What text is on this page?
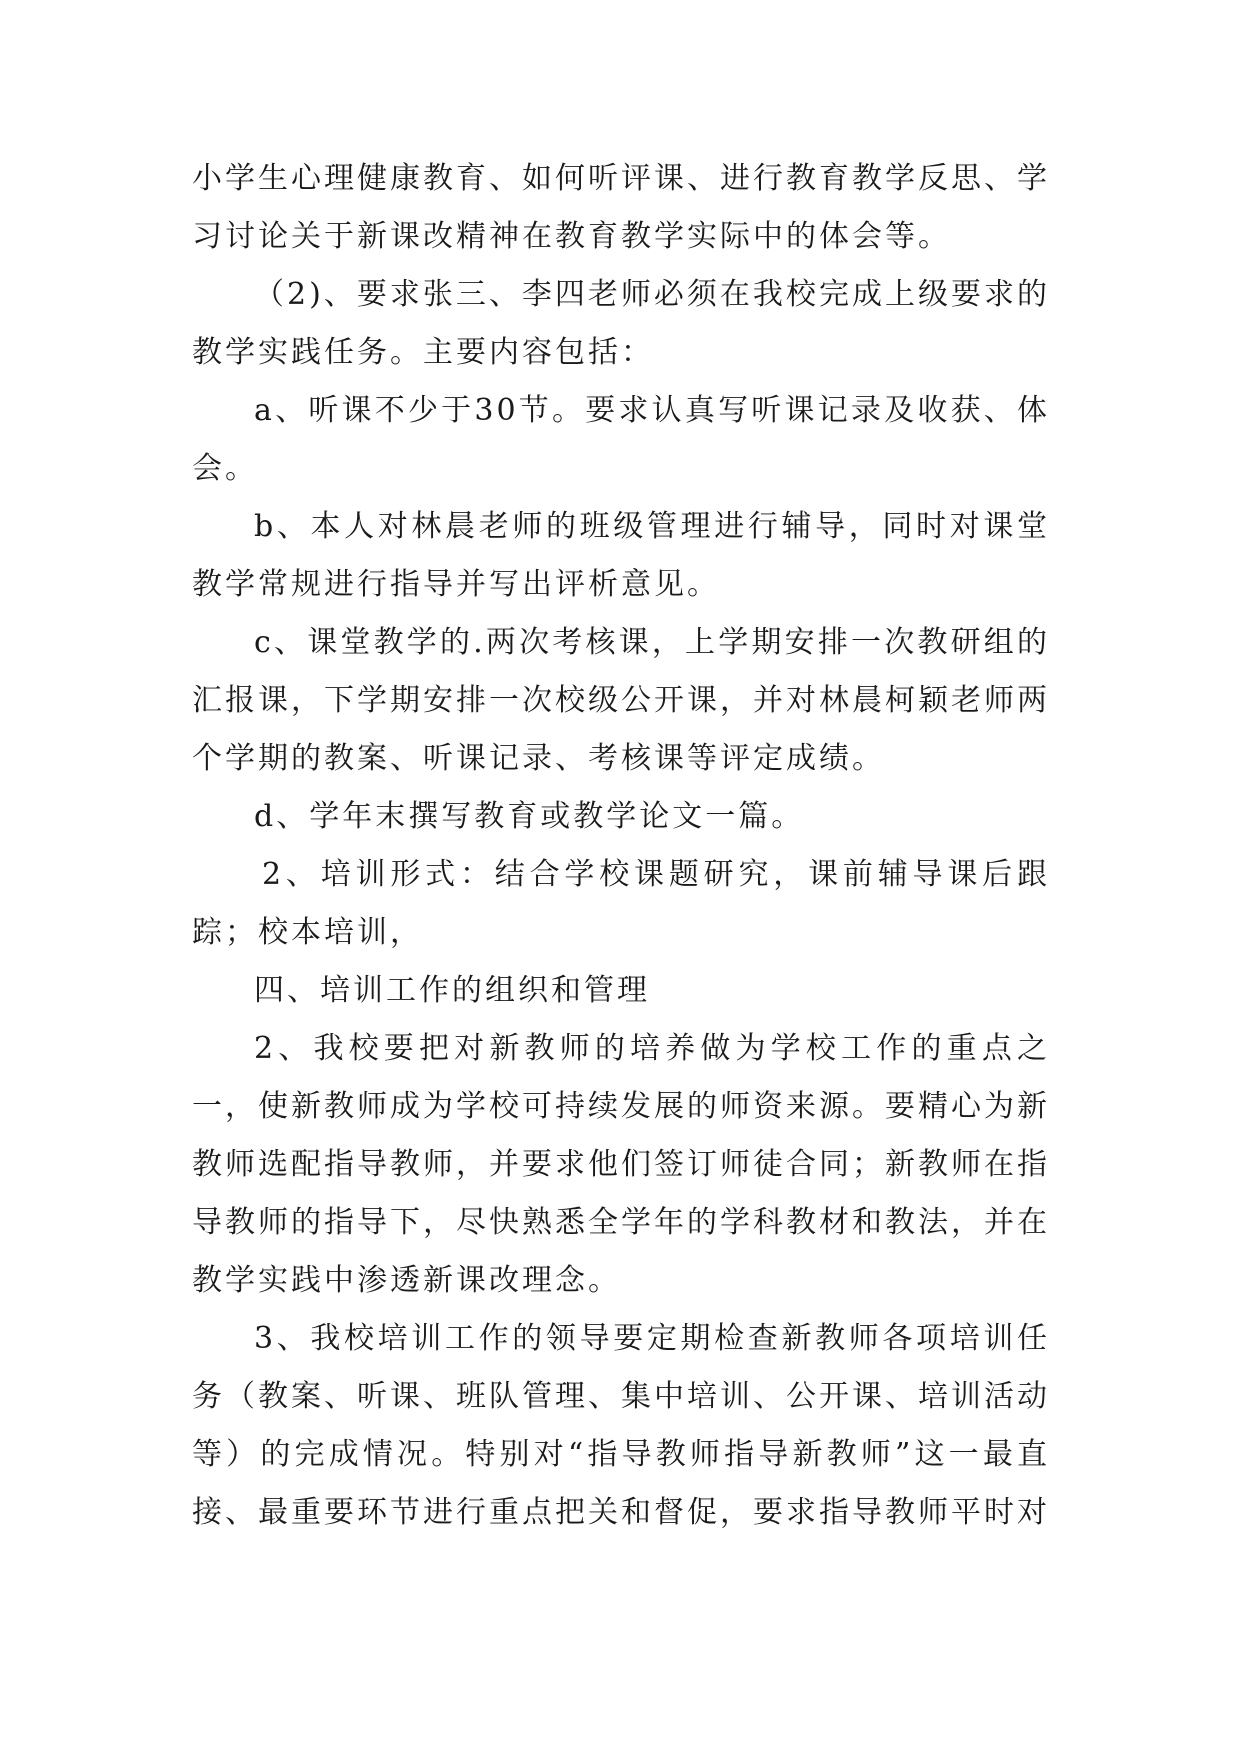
小学生心理健康教育、如何听评课、进行教育教学反思、学习讨论关于新课改精神在教育教学实际中的体会等。

（2)、要求张三、李四老师必须在我校完成上级要求的教学实践任务。主要内容包括：

a、听课不少于30节。要求认真写听课记录及收获、体会。

b、本人对林晨老师的班级管理进行辅导，同时对课堂教学常规进行指导并写出评析意见。

c、课堂教学的.两次考核课，上学期安排一次教研组的汇报课，下学期安排一次校级公开课，并对林晨柯颖老师两个学期的教案、听课记录、考核课等评定成绩。

d、学年末撰写教育或教学论文一篇。

2、培训形式：结合学校课题研究，课前辅导课后跟踪；校本培训，

四、培训工作的组织和管理

2、我校要把对新教师的培养做为学校工作的重点之一，使新教师成为学校可持续发展的师资来源。要精心为新教师选配指导教师，并要求他们签订师徒合同；新教师在指导教师的指导下，尽快熟悉全学年的学科教材和教法，并在教学实践中渗透新课改理念。

3、我校培训工作的领导要定期检查新教师各项培训任务（教案、听课、班队管理、集中培训、公开课、培训活动等）的完成情况。特别对“指导教师指导新教师”这一最直接、最重要环节进行重点把关和督促，要求指导教师平时对
